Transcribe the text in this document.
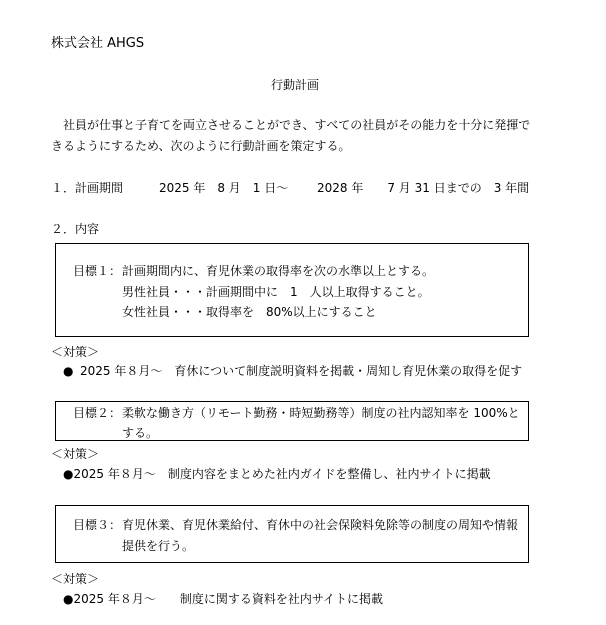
株式会社 AHGS
行動計画
社員が仕事と子育てを両立させることができ、すべての社員がその能力を十分に発揮で
きるようにするため、次のように行動計画を策定する。
１．計画期間	2025 年　8 月　1 日〜 2028 年　　7 月 31 日までの　3 年間
２．内容
目標１： 計画期間内に、育児休業の取得率を次の水準以上とする。
男性社員・・・計画期間中に　1　人以上取得すること。
女性社員・・・取得率を　80%以上にすること
＜対策＞
● 2025 年８月〜　育休について制度説明資料を掲載・周知し育児休業の取得を促す
目標２： 柔軟な働き方（リモート勤務・時短勤務等）制度の社内認知率を 100%と
する。
＜対策＞
●2025 年８月〜　制度内容をまとめた社内ガイドを整備し、社内サイトに掲載
目標３： 育児休業、育児休業給付、育休中の社会保険料免除等の制度の周知や情報
提供を行う。
＜対策＞
●2025 年８月〜　　制度に関する資料を社内サイトに掲載
